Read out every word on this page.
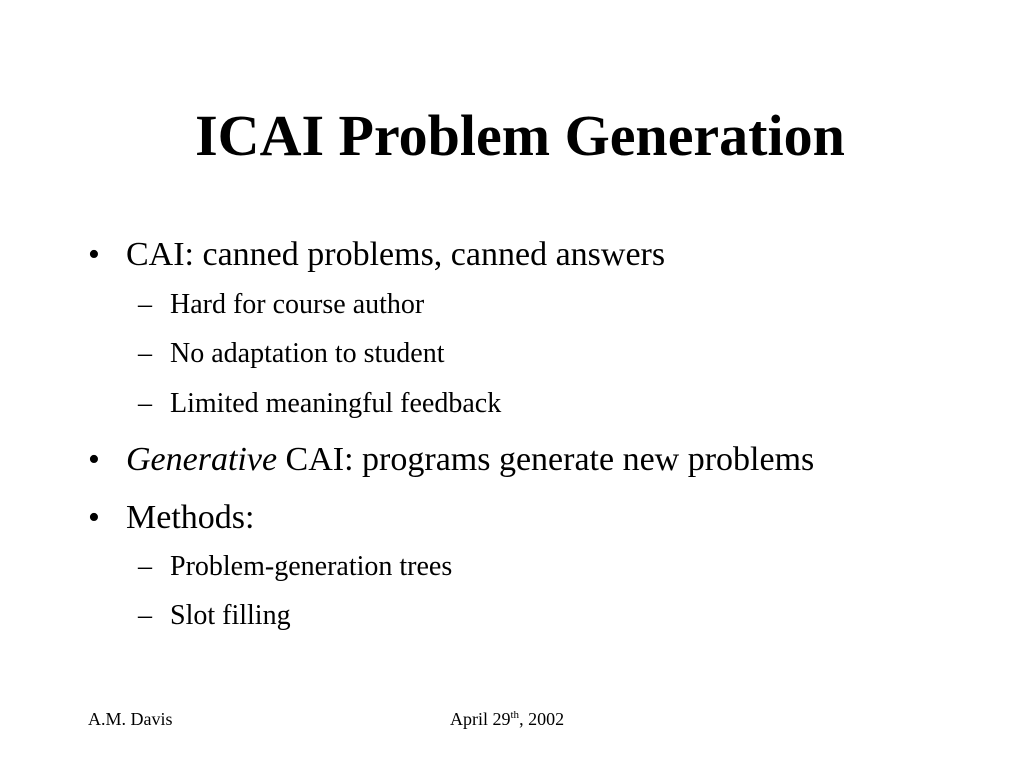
ICAI Problem Generation
• CAI: canned problems, canned answers
– Hard for course author
– No adaptation to student
– Limited meaningful feedback
• Generative CAI: programs generate new problems
• Methods:
– Problem-generation trees
– Slot filling
A.M. Davis	April 29th, 2002
